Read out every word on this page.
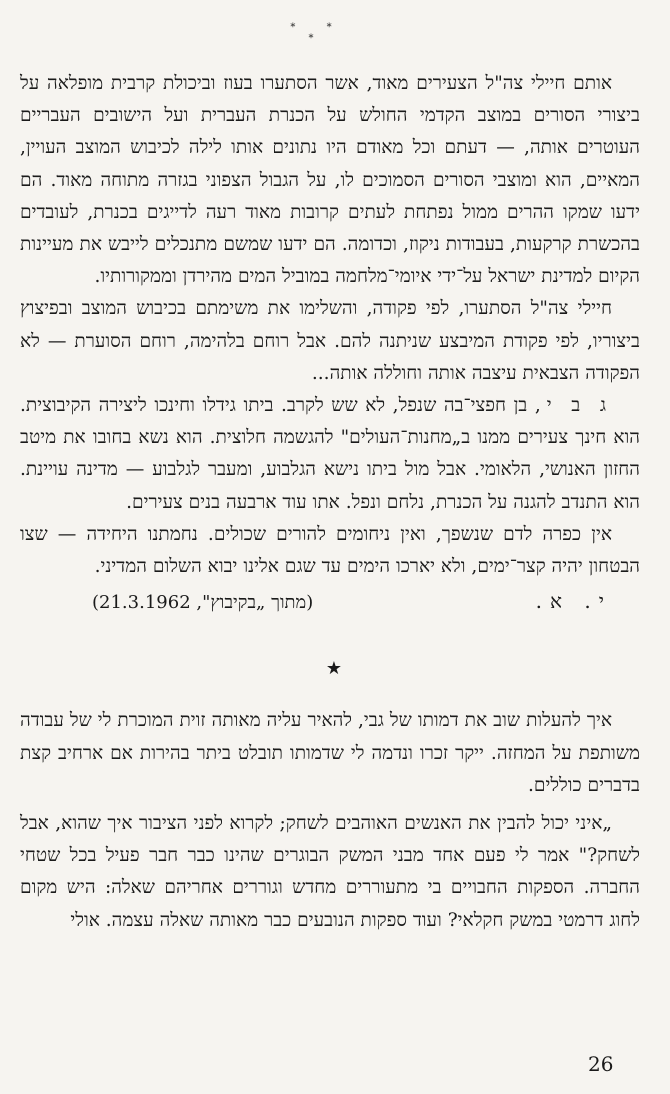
* * *

אותם חיילי צה"ל הצעירים מאוד, אשר הסתערו בעוז וביכולת קרבית מופלאה על ביצורי הסורים במוצב הקדמי החולש על הכנרת העברית ועל הישובים העבריים העוטרים אותה, — דעתם וכל מאודם היו נתונים אותו לילה לכיבוש המוצב העויין, המאיים, הוא ומוצבי הסורים הסמוכים לו, על הגבול הצפוני בגזרה מתוחה מאוד. הם ידעו שמקו ההרים ממול נפתחת לעתים קרובות מאוד רעה לדייגים בכנרת, לעובדים בהכשרת קרקעות, בעבודות ניקוז, וכדומה. הם ידעו שמשם מתנכלים לייבש את מעיינות הקיום למדינת ישראל על־ידי איומי־מלחמה במוביל המים מהירדן וממקורותיו.

חיילי צה"ל הסתערו, לפי פקודה, והשלימו את משימתם בכיבוש המוצב ובפיצוץ ביצוריו, לפי פקודת המיבצע שניתנה להם. אבל רוחם בלהימה, רוחם הסוערת — לא הפקודה הצבאית עיצבה אותה וחוללה אותה...

ג ב י, בן חפצי־בה שנפל, לא שש לקרב. ביתו גידלו וחינכו ליצירה הקיבוצית. הוא חינך צעירים ממנו ב„מחנות־העולים" להגשמה חלוצית. הוא נשא בחובו את מיטב החזון האנושי, הלאומי. אבל מול ביתו נישא הגלבוע, ומעבר לגלבוע — מדינה עויינת. הוא התנדב להגנה על הכנרת, נלחם ונפל. אתו עוד ארבעה בנים צעירים.

אין כפרה לדם שנשפך, ואין ניחומים להורים שכולים. נחמתנו היחידה — שצו הבטחון יהיה קצר־ימים, ולא יארכו הימים עד שגם אלינו יבוא השלום המדיני.

י. א.
(מתוך „בקיבוץ", 21.3.1962)
★

איך להעלות שוב את דמותו של גבי, להאיר עליה מאותה זוית המוכרת לי של עבודה משותפת על המחזה. ייקר זכרו ונדמה לי שדמותו תובלט ביתר בהירות אם ארחיב קצת בדברים כוללים.

„איני יכול להבין את האנשים האוהבים לשחק; לקרוא לפני הציבור איך שהוא, אבל לשחק?" אמר לי פעם אחד מבני המשק הבוגרים שהינו כבר חבר פעיל בכל שטחי החברה. הספקות החבויים בי מתעוררים מחדש וגוררים אחריהם שאלה: היש מקום לחוג דרמטי במשק חקלאי? ועוד ספקות הנובעים כבר מאותה שאלה עצמה. אולי

26
